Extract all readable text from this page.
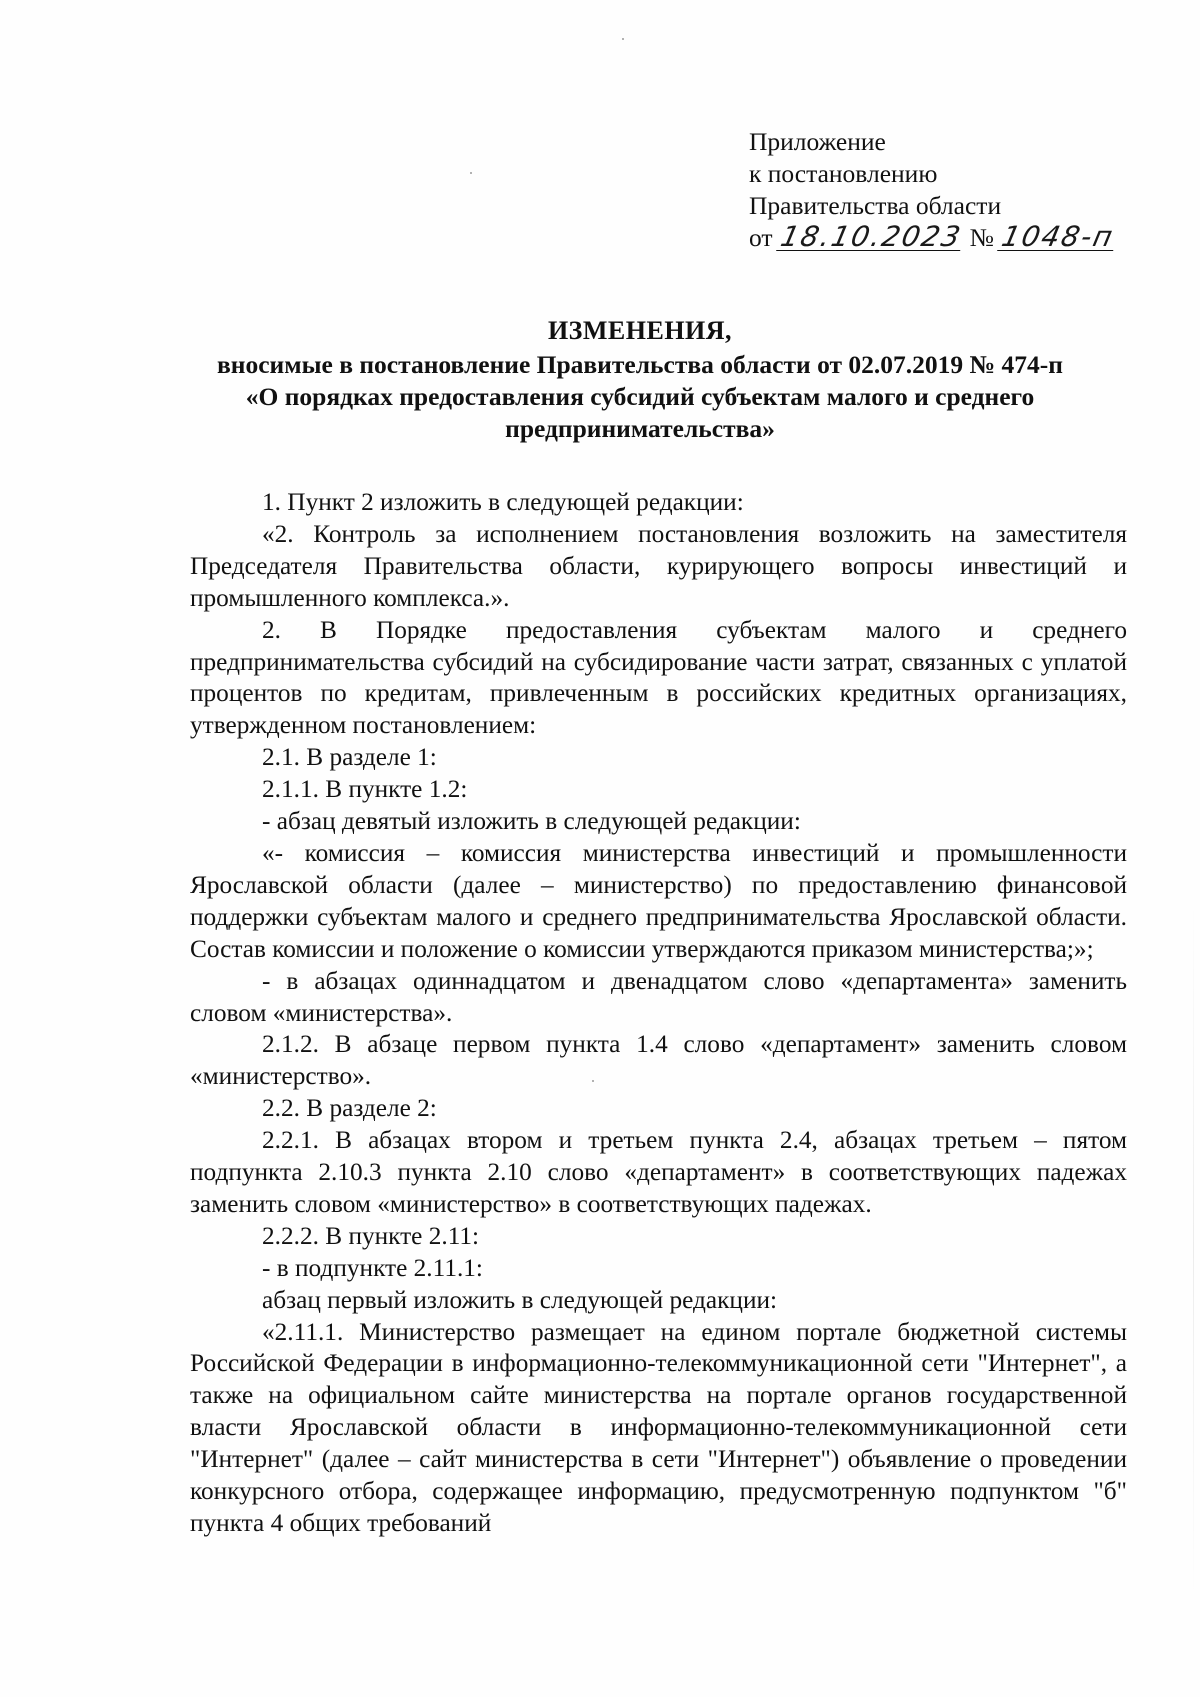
Приложение
к постановлению
Правительства области
от 18.10.2023 № 1048-п
ИЗМЕНЕНИЯ,
вносимые в постановление Правительства области от 02.07.2019 № 474-п
«О порядках предоставления субсидий субъектам малого и среднего
предпринимательства»

1. Пункт 2 изложить в следующей редакции:

«2. Контроль за исполнением постановления возложить на заместителя Председателя Правительства области, курирующего вопросы инвестиций и промышленного комплекса.».

2. В Порядке предоставления субъектам малого и среднего предпринимательства субсидий на субсидирование части затрат, связанных с уплатой процентов по кредитам, привлеченным в российских кредитных организациях, утвержденном постановлением:

2.1. В разделе 1:

2.1.1. В пункте 1.2:

- абзац девятый изложить в следующей редакции:

«- комиссия – комиссия министерства инвестиций и промышленности Ярославской области (далее – министерство) по предоставлению финансовой поддержки субъектам малого и среднего предпринимательства Ярославской области. Состав комиссии и положение о комиссии утверждаются приказом министерства;»;

- в абзацах одиннадцатом и двенадцатом слово «департамента» заменить словом «министерства».

2.1.2. В абзаце первом пункта 1.4 слово «департамент» заменить словом «министерство».

2.2. В разделе 2:

2.2.1. В абзацах втором и третьем пункта 2.4, абзацах третьем – пятом подпункта 2.10.3 пункта 2.10 слово «департамент» в соответствующих падежах заменить словом «министерство» в соответствующих падежах.

2.2.2. В пункте 2.11:

- в подпункте 2.11.1:

абзац первый изложить в следующей редакции:

«2.11.1. Министерство размещает на едином портале бюджетной системы Российской Федерации в информационно-телекоммуникационной сети "Интернет", а также на официальном сайте министерства на портале органов государственной власти Ярославской области в информационно-телекоммуникационной сети "Интернет" (далее – сайт министерства в сети "Интернет") объявление о проведении конкурсного отбора, содержащее информацию, предусмотренную подпунктом "б" пункта 4 общих требований
